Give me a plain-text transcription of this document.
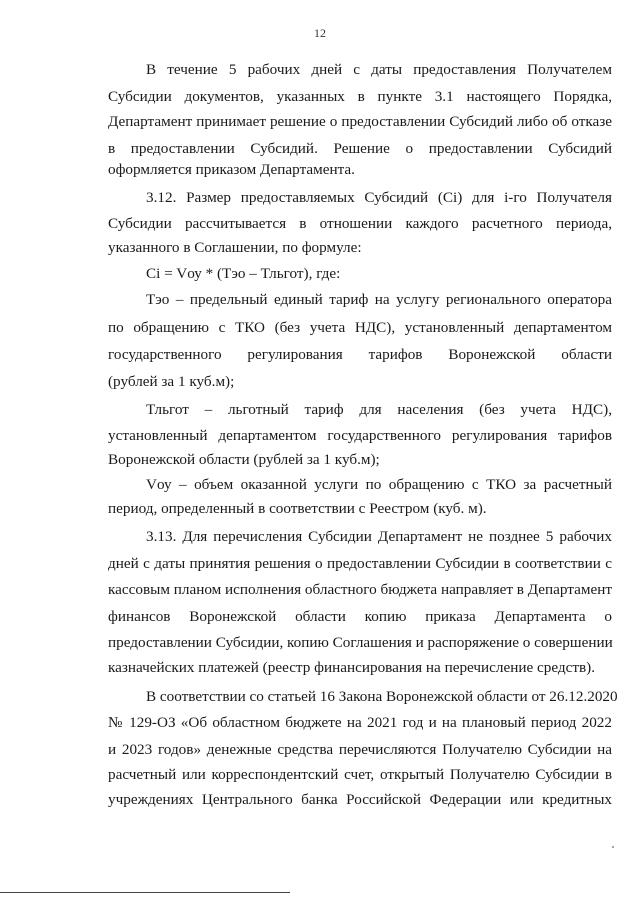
12
В течение 5 рабочих дней с даты предоставления Получателем
Субсидии документов, указанных в пункте 3.1 настоящего Порядка,
Департамент принимает решение о предоставлении Субсидий либо об отказе
в предоставлении Субсидий. Решение о предоставлении Субсидий
оформляется приказом Департамента.
3.12. Размер предоставляемых Субсидий (Сi) для i-го Получателя
Субсидии рассчитывается в отношении каждого расчетного периода,
указанного в Соглашении, по формуле:
Сi = Vоу * (Тэо – Тльгот), где:
Тэо – предельный единый тариф на услугу регионального оператора
по обращению с ТКО (без учета НДС), установленный департаментом
государственного регулирования тарифов Воронежской области
(рублей за 1 куб.м);
Тльгот – льготный тариф для населения (без учета НДС),
установленный департаментом государственного регулирования тарифов
Воронежской области (рублей за 1 куб.м);
Vоу – объем оказанной услуги по обращению с ТКО за расчетный
период, определенный в соответствии с Реестром (куб. м).
3.13. Для перечисления Субсидии Департамент не позднее 5 рабочих
дней с даты принятия решения о предоставлении Субсидии в соответствии с
кассовым планом исполнения областного бюджета направляет в Департамент
финансов Воронежской области копию приказа Департамента о
предоставлении Субсидии, копию Соглашения и распоряжение о совершении
казначейских платежей (реестр финансирования на перечисление средств).
В соответствии со статьей 16 Закона Воронежской области от 26.12.2020
№ 129-ОЗ «Об областном бюджете на 2021 год и на плановый период 2022
и 2023 годов» денежные средства перечисляются Получателю Субсидии на
расчетный или корреспондентский счет, открытый Получателю Субсидии в
учреждениях Центрального банка Российской Федерации или кредитных
